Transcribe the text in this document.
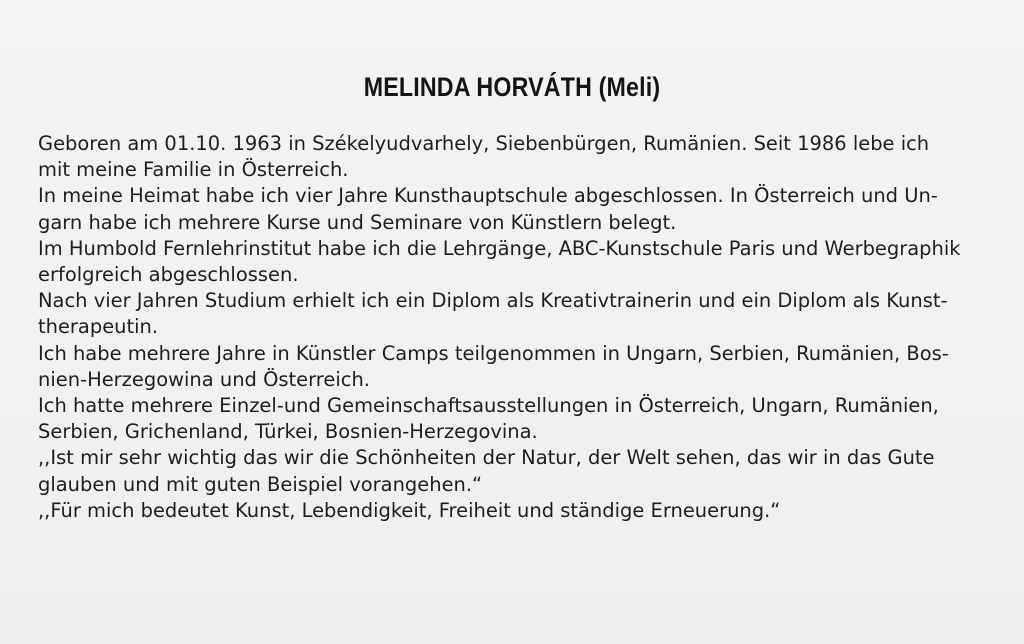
MELINDA HORVÁTH (Meli)
Geboren am 01.10. 1963 in Székelyudvarhely, Siebenbürgen, Rumänien. Seit 1986 lebe ich
mit meine Familie in Österreich.
In meine Heimat habe ich vier Jahre Kunsthauptschule abgeschlossen. In Österreich und Un-
garn habe ich mehrere Kurse und Seminare von Künstlern belegt.
Im Humbold Fernlehrinstitut habe ich die Lehrgänge, ABC-Kunstschule Paris und Werbegraphik
erfolgreich abgeschlossen.
Nach vier Jahren Studium erhielt ich ein Diplom als Kreativtrainerin und ein Diplom als Kunst-
therapeutin.
Ich habe mehrere Jahre in Künstler Camps teilgenommen in Ungarn, Serbien, Rumänien, Bos-
nien-Herzegowina und Österreich.
Ich hatte mehrere Einzel-und Gemeinschaftsausstellungen in Österreich, Ungarn, Rumänien,
Serbien, Grichenland, Türkei, Bosnien-Herzegovina.
,,Ist mir sehr wichtig das wir die Schönheiten der Natur, der Welt sehen, das wir in das Gute
glauben und mit guten Beispiel vorangehen.“
,,Für mich bedeutet Kunst, Lebendigkeit, Freiheit und ständige Erneuerung.“
